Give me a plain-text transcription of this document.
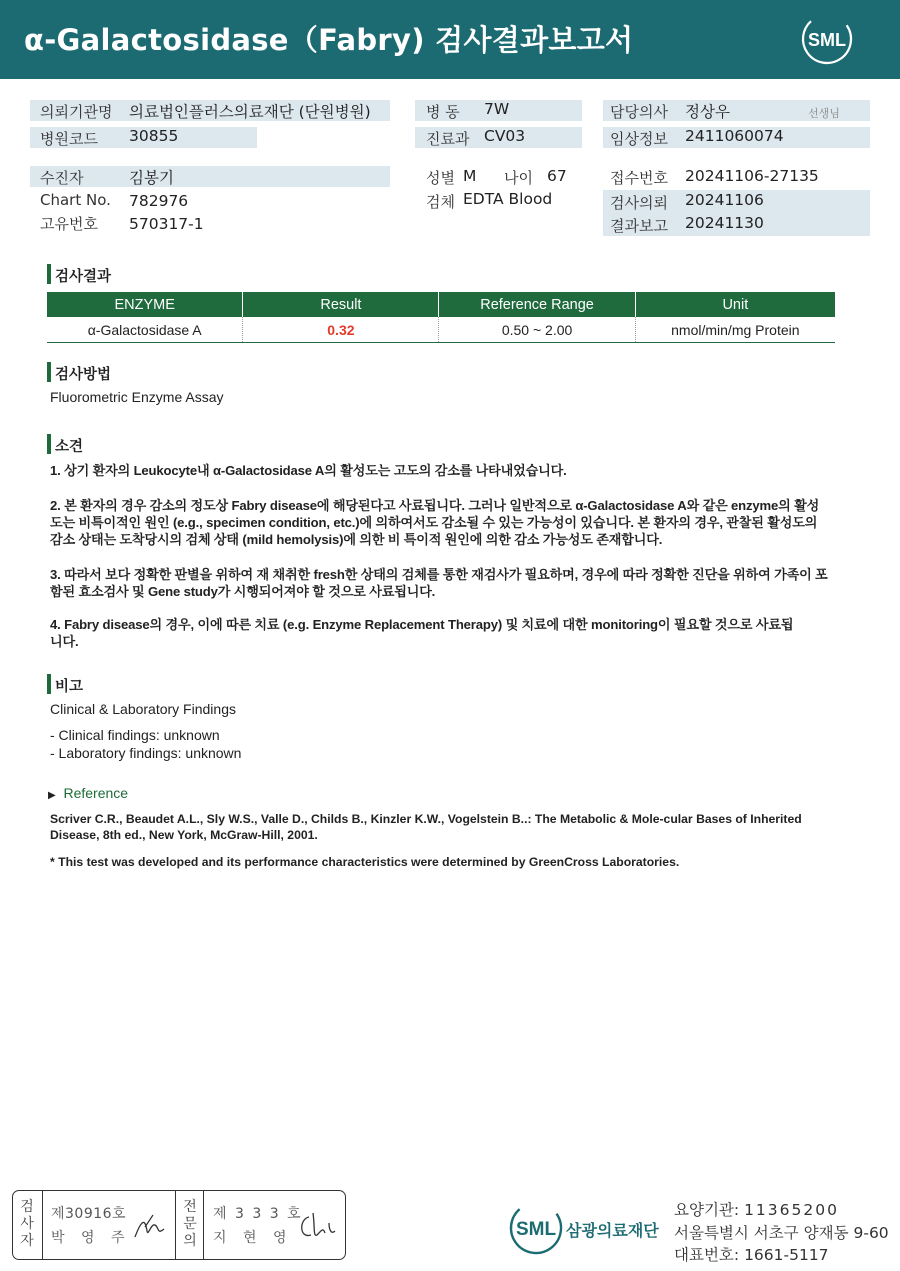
α-Galactosidase（Fabry) 검사결과보고서	SML
의뢰기관명 의료법인플러스의료재단 (단원병원)
병원코드 30855
수진자	김봉기
Chart No. 782976
고유번호 570317-1
병 동 7W
진료과 CV03
성별 M 나이 67
검체 EDTA Blood
담당의사 정상우	선생님
임상정보 2411060074
접수번호 20241106-27135
검사의뢰 20241106
결과보고 20241130
검사결과
ENZYME	Result	Reference Range	Unit
α-Galactosidase A	0.32	0.50 ~ 2.00	nmol/min/mg Protein
검사방법
Fluorometric Enzyme Assay
소견
1. 상기 환자의 Leukocyte내 α-Galactosidase A의 활성도는 고도의 감소를 나타내었습니다.
2. 본 환자의 경우 감소의 정도상 Fabry disease에 해당된다고 사료됩니다. 그러나 일반적으로 α-Galactosidase A와 같은 enzyme의 활성도는 비특이적인 원인 (e.g., specimen condition, etc.)에 의하여서도 감소될 수 있는 가능성이 있습니다. 본 환자의 경우, 관찰된 활성도의 감소 상태는 도착당시의 검체 상태 (mild hemolysis)에 의한 비 특이적 원인에 의한 감소 가능성도 존재합니다.
3. 따라서 보다 정확한 판별을 위하여 재 채취한 fresh한 상태의 검체를 통한 재검사가 필요하며, 경우에 따라 정확한 진단을 위하여 가족이 포함된 효소검사 및 Gene study가 시행되어져야 할 것으로 사료됩니다.
4. Fabry disease의 경우, 이에 따른 치료 (e.g. Enzyme Replacement Therapy) 및 치료에 대한 monitoring이 필요할 것으로 사료됩니다.
비고
Clinical & Laboratory Findings
- Clinical findings: unknown
- Laboratory findings: unknown
▶ Reference
Scriver C.R., Beaudet A.L., Sly W.S., Valle D., Childs B., Kinzler K.W., Vogelstein B..: The Metabolic & Mole-cular Bases of Inherited Disease, 8th ed., New York, McGraw-Hill, 2001.
* This test was developed and its performance characteristics were determined by GreenCross Laboratories.
검사자
제30916호
박 영 주
전문의
제 3 3 3 호
지 현 영	SML 삼광의료재단
요양기관: 11365200
서울특별시 서초구 양재동 9-60
대표번호: 1661-5117
